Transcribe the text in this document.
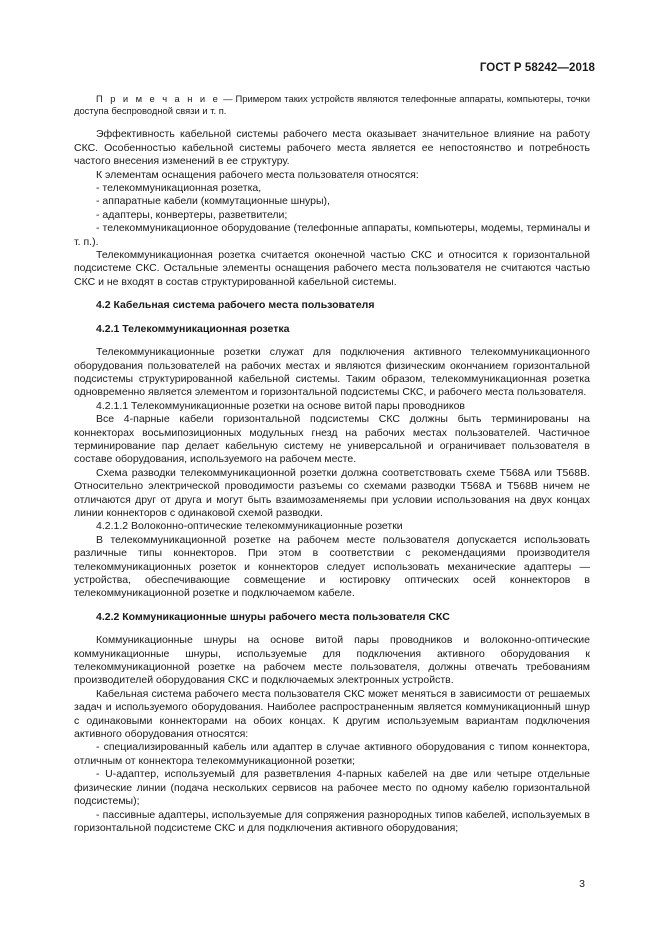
ГОСТ Р 58242—2018

П р и м е ч а н и е — Примером таких устройств являются телефонные аппараты, компьютеры, точки доступа беспроводной связи и т. п.

Эффективность кабельной системы рабочего места оказывает значительное влияние на работу СКС. Особенностью кабельной системы рабочего места является ее непостоянство и потребность частого внесения изменений в ее структуру.

К элементам оснащения рабочего места пользователя относятся:

- телекоммуникационная розетка,

- аппаратные кабели (коммутационные шнуры),

- адаптеры, конвертеры, разветвители;

- телекоммуникационное оборудование (телефонные аппараты, компьютеры, модемы, терминалы и т. п.).

Телекоммуникационная розетка считается оконечной частью СКС и относится к горизонтальной подсистеме СКС. Остальные элементы оснащения рабочего места пользователя не считаются частью СКС и не входят в состав структурированной кабельной системы.

4.2 Кабельная система рабочего места пользователя

4.2.1 Телекоммуникационная розетка

Телекоммуникационные розетки служат для подключения активного телекоммуникационного оборудования пользователей на рабочих местах и являются физическим окончанием горизонтальной подсистемы структурированной кабельной системы. Таким образом, телекоммуникационная розетка одновременно является элементом и горизонтальной подсистемы СКС, и рабочего места пользователя.

4.2.1.1 Телекоммуникационные розетки на основе витой пары проводников

Все 4-парные кабели горизонтальной подсистемы СКС должны быть терминированы на коннекторах восьмипозиционных модульных гнезд на рабочих местах пользователей. Частичное терминирование пар делает кабельную систему не универсальной и ограничивает пользователя в составе оборудования, используемого на рабочем месте.

Схема разводки телекоммуникационной розетки должна соответствовать схеме T568A или T568B. Относительно электрической проводимости разъемы со схемами разводки T568A и T568B ничем не отличаются друг от друга и могут быть взаимозаменяемы при условии использования на двух концах линии коннекторов с одинаковой схемой разводки.

4.2.1.2 Волоконно-оптические телекоммуникационные розетки

В телекоммуникационной розетке на рабочем месте пользователя допускается использовать различные типы коннекторов. При этом в соответствии с рекомендациями производителя телекоммуникационных розеток и коннекторов следует использовать механические адаптеры — устройства, обеспечивающие совмещение и юстировку оптических осей коннекторов в телекоммуникационной розетке и подключаемом кабеле.

4.2.2 Коммуникационные шнуры рабочего места пользователя СКС

Коммуникационные шнуры на основе витой пары проводников и волоконно-оптические коммуникационные шнуры, используемые для подключения активного оборудования к телекоммуникационной розетке на рабочем месте пользователя, должны отвечать требованиям производителей оборудования СКС и подключаемых электронных устройств.

Кабельная система рабочего места пользователя СКС может меняться в зависимости от решаемых задач и используемого оборудования. Наиболее распространенным является коммуникационный шнур с одинаковыми коннекторами на обоих концах. К другим используемым вариантам подключения активного оборудования относятся:

- специализированный кабель или адаптер в случае активного оборудования с типом коннектора, отличным от коннектора телекоммуникационной розетки;

- U-адаптер, используемый для разветвления 4-парных кабелей на две или четыре отдельные физические линии (подача нескольких сервисов на рабочее место по одному кабелю горизонтальной подсистемы);

- пассивные адаптеры, используемые для сопряжения разнородных типов кабелей, используемых в горизонтальной подсистеме СКС и для подключения активного оборудования;

3
